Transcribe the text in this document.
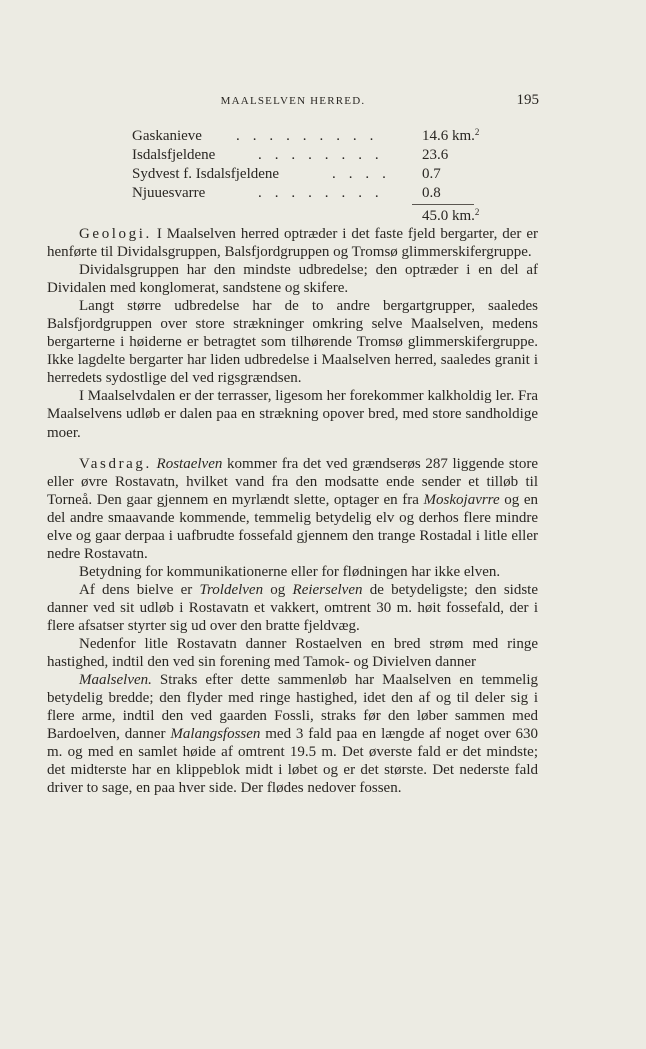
MAALSELVEN HERRED.	195
Gaskanieve . . . . . . . . .	14.6 km.$^2$
Isdalsfjeldene	. . . . . . . .	23.6
Sydvest f. Isdalsfjeldene	. . . . 0.7
Njuuesvarre	. . . . . . . .	0.8
45.0 km.$^2$

Geologi. I Maalselven herred optræder i det faste fjeld bergarter, der er henførte til Dividalsgruppen, Balsfjordgruppen og Tromsø glimmerskifergruppe.

Dividalsgruppen har den mindste udbredelse; den optræder i en del af Dividalen med konglomerat, sandstene og skifere.

Langt større udbredelse har de to andre bergartgrupper, saaledes Balsfjordgruppen over store strækninger omkring selve Maalselven, medens bergarterne i høiderne er betragtet som tilhørende Tromsø glimmerskifergruppe. Ikke lagdelte bergarter har liden udbredelse i Maalselven herred, saaledes granit i herredets sydostlige del ved rigsgrændsen.

I Maalselvdalen er der terrasser, ligesom her forekommer kalkholdig ler. Fra Maalselvens udløb er dalen paa en strækning opover bred, med store sandholdige moer.

Vasdrag. Rostaelven kommer fra det ved grændserøs 287 liggende store eller øvre Rostavatn, hvilket vand fra den modsatte ende sender et tilløb til Torneå. Den gaar gjennem en myrlændt slette, optager en fra Moskojavrre og en del andre smaavande kommende, temmelig betydelig elv og derhos flere mindre elve og gaar derpaa i uafbrudte fossefald gjennem den trange Rostadal i litle eller nedre Rostavatn.

Betydning for kommunikationerne eller for flødningen har ikke elven.

Af dens bielve er Troldelven og Reierselven de betydeligste; den sidste danner ved sit udløb i Rostavatn et vakkert, omtrent 30 m. høit fossefald, der i flere afsatser styrter sig ud over den bratte fjeldvæg.

Nedenfor litle Rostavatn danner Rostaelven en bred strøm med ringe hastighed, indtil den ved sin forening med Tamok- og Divielven danner

Maalselven. Straks efter dette sammenløb har Maalselven en temmelig betydelig bredde; den flyder med ringe hastighed, idet den af og til deler sig i flere arme, indtil den ved gaarden Fossli, straks før den løber sammen med Bardoelven, danner Malangsfossen med 3 fald paa en længde af noget over 630 m. og med en samlet høide af omtrent 19.5 m. Det øverste fald er det mindste; det midterste har en klippeblok midt i løbet og er det største. Det nederste fald driver to sage, en paa hver side. Der flødes nedover fossen.
